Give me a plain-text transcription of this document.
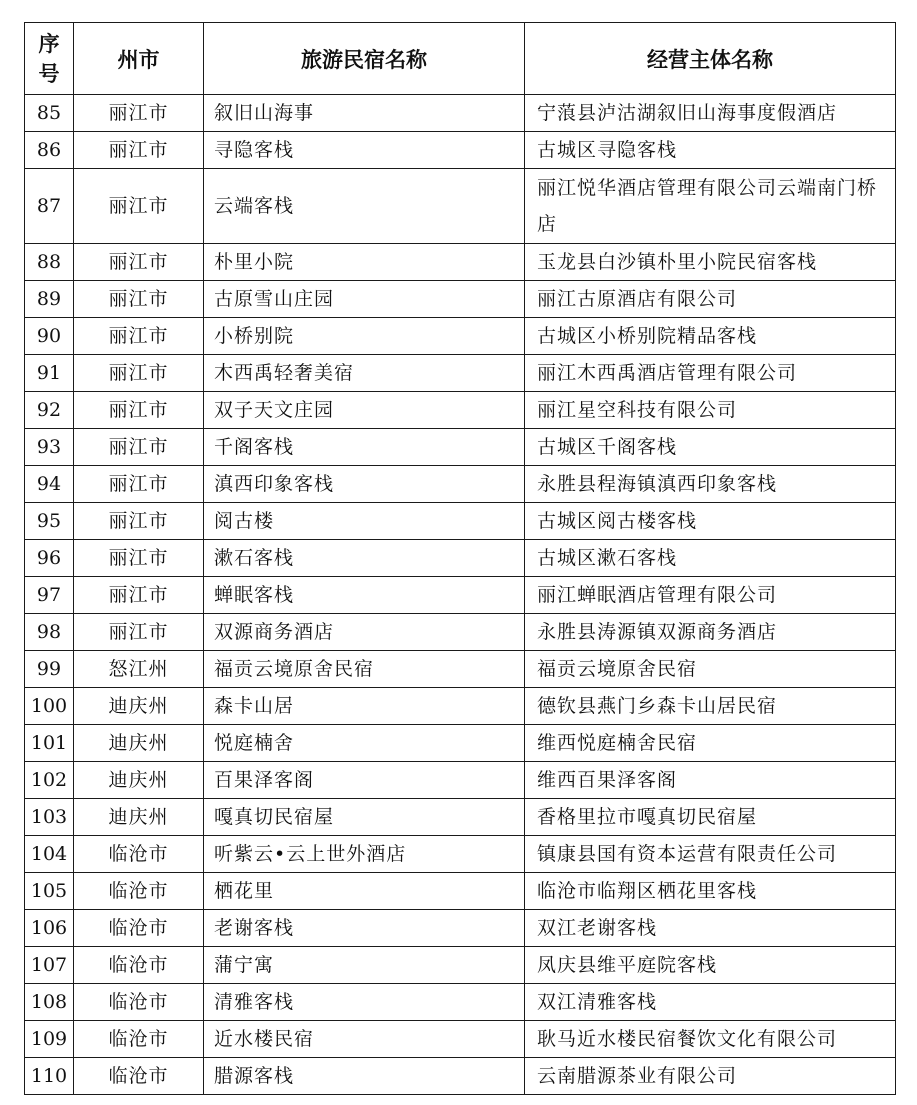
序
号	州市	旅游民宿名称	经营主体名称
85	丽江市	叙旧山海事	宁蒗县泸沽湖叙旧山海事度假酒店
86	丽江市	寻隐客栈	古城区寻隐客栈
87	丽江市	云端客栈	丽江悦华酒店管理有限公司云端南门桥店
88	丽江市	朴里小院	玉龙县白沙镇朴里小院民宿客栈
89	丽江市	古原雪山庄园	丽江古原酒店有限公司
90	丽江市	小桥别院	古城区小桥别院精品客栈
91	丽江市	木西禹轻奢美宿	丽江木西禹酒店管理有限公司
92	丽江市	双子天文庄园	丽江星空科技有限公司
93	丽江市	千阁客栈	古城区千阁客栈
94	丽江市	滇西印象客栈	永胜县程海镇滇西印象客栈
95	丽江市	阅古楼	古城区阅古楼客栈
96	丽江市	漱石客栈	古城区漱石客栈
97	丽江市	蝉眠客栈	丽江蝉眠酒店管理有限公司
98	丽江市	双源商务酒店	永胜县涛源镇双源商务酒店
99	怒江州	福贡云境原舍民宿	福贡云境原舍民宿
100	迪庆州	森卡山居	德钦县燕门乡森卡山居民宿
101	迪庆州	悦庭楠舍	维西悦庭楠舍民宿
102	迪庆州	百果泽客阁	维西百果泽客阁
103	迪庆州	嘎真切民宿屋	香格里拉市嘎真切民宿屋
104	临沧市	听紫云•云上世外酒店	镇康县国有资本运营有限责任公司
105	临沧市	栖花里	临沧市临翔区栖花里客栈
106	临沧市	老谢客栈	双江老谢客栈
107	临沧市	蒲宁寓	凤庆县维平庭院客栈
108	临沧市	清雅客栈	双江清雅客栈
109	临沧市	近水楼民宿	耿马近水楼民宿餐饮文化有限公司
110	临沧市	腊源客栈	云南腊源茶业有限公司
